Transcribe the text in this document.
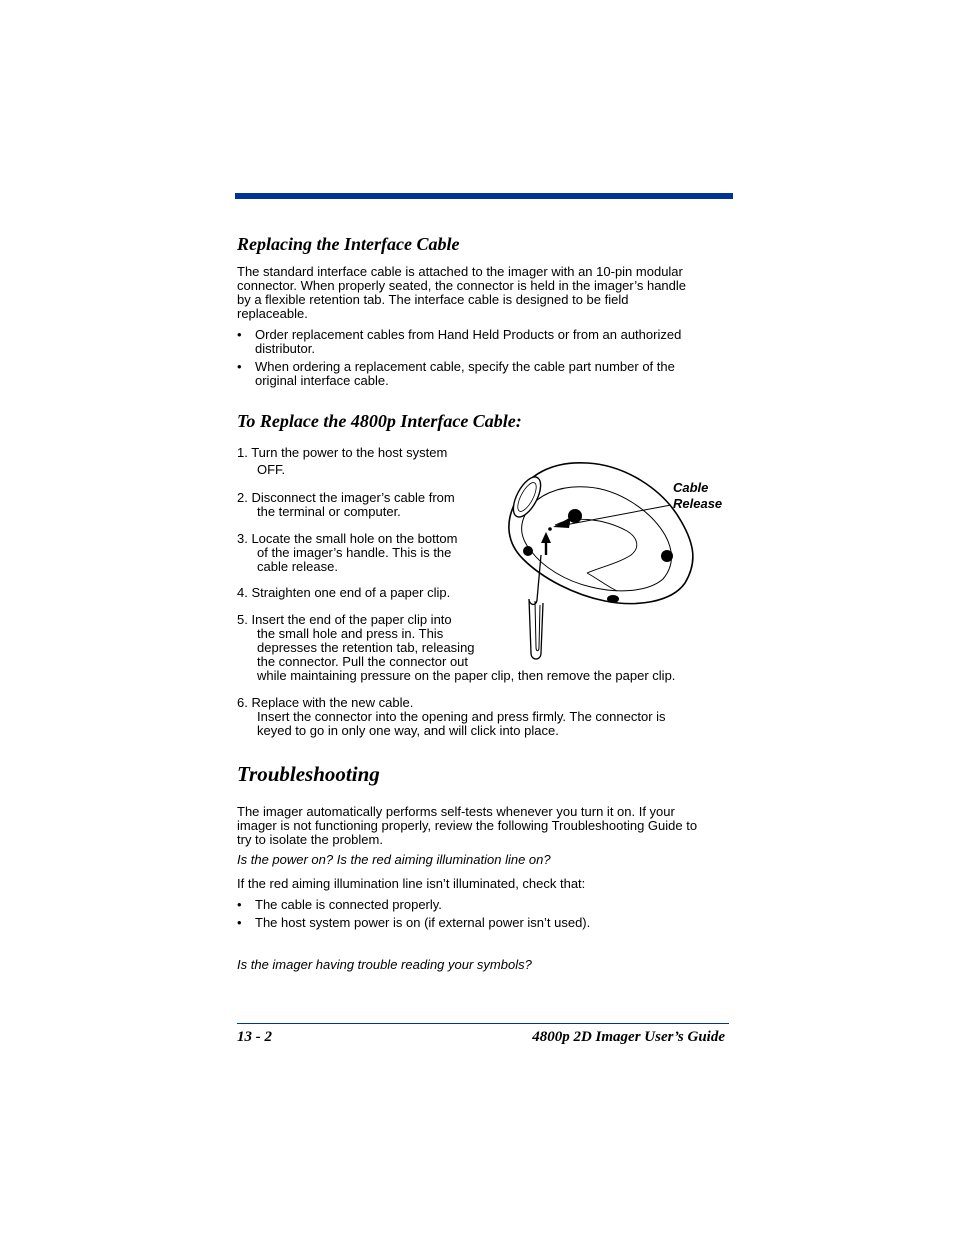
Replacing the Interface Cable
The standard interface cable is attached to the imager with an 10-pin modular
connector. When properly seated, the connector is held in the imager’s handle
by a flexible retention tab. The interface cable is designed to be field
replaceable.
• Order replacement cables from Hand Held Products or from an authorized
distributor.
• When ordering a replacement cable, specify the cable part number of the
original interface cable.
To Replace the 4800p Interface Cable:
1. Turn the power to the host system
OFF.
2. Disconnect the imager’s cable from
the terminal or computer.
3. Locate the small hole on the bottom
of the imager’s handle. This is the
cable release.
4. Straighten one end of a paper clip.
5. Insert the end of the paper clip into
the small hole and press in. This
depresses the retention tab, releasing
the connector. Pull the connector out
while maintaining pressure on the paper clip, then remove the paper clip.
6. Replace with the new cable.
Insert the connector into the opening and press firmly. The connector is
keyed to go in only one way, and will click into place.
Cable
Release
Troubleshooting
The imager automatically performs self-tests whenever you turn it on. If your
imager is not functioning properly, review the following Troubleshooting Guide to
try to isolate the problem.
Is the power on? Is the red aiming illumination line on?
If the red aiming illumination line isn’t illuminated, check that:
• The cable is connected properly.
• The host system power is on (if external power isn’t used).
Is the imager having trouble reading your symbols?
13 - 2	4800p 2D Imager User’s Guide
